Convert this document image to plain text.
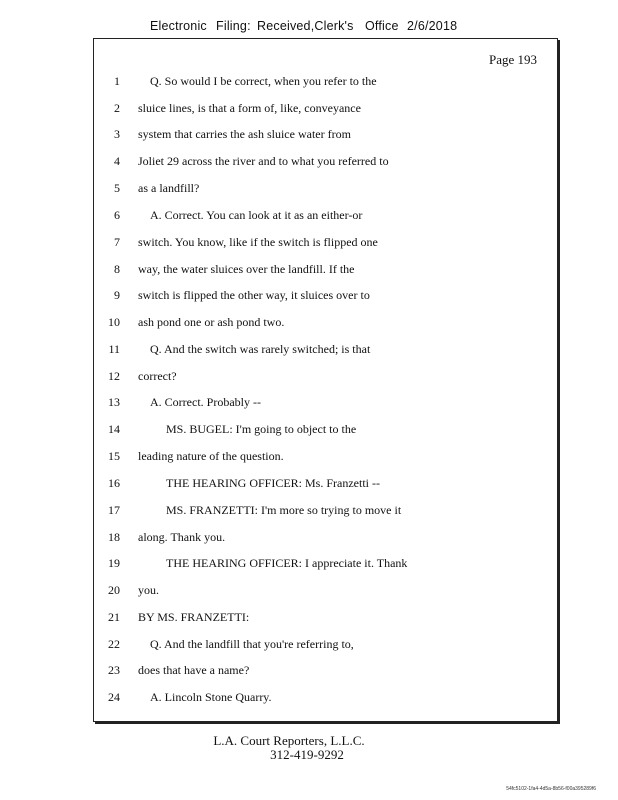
Electronic Filing: Received,Clerk's Office 2/6/2018
Page 193
1	Q. So would I be correct, when you refer to the
2 sluice lines, is that a form of, like, conveyance
3 system that carries the ash sluice water from
4 Joliet 29 across the river and to what you referred to
5 as a landfill?
6	A. Correct. You can look at it as an either-or
7 switch. You know, like if the switch is flipped one
8 way, the water sluices over the landfill. If the
9 switch is flipped the other way, it sluices over to
10 ash pond one or ash pond two.
11	Q. And the switch was rarely switched; is that
12 correct?
13	A. Correct. Probably --
14	MS. BUGEL: I'm going to object to the
15 leading nature of the question.
16	THE HEARING OFFICER: Ms. Franzetti --
17	MS. FRANZETTI: I'm more so trying to move it
18 along. Thank you.
19	THE HEARING OFFICER: I appreciate it. Thank
20 you.
21 BY MS. FRANZETTI:
22	Q. And the landfill that you're referring to,
23 does that have a name?
24	A. Lincoln Stone Quarry.
L.A. Court Reporters, L.L.C.
312-419-9292
54fc5102-1fa4-4d5a-8b56-f00a395289f6
